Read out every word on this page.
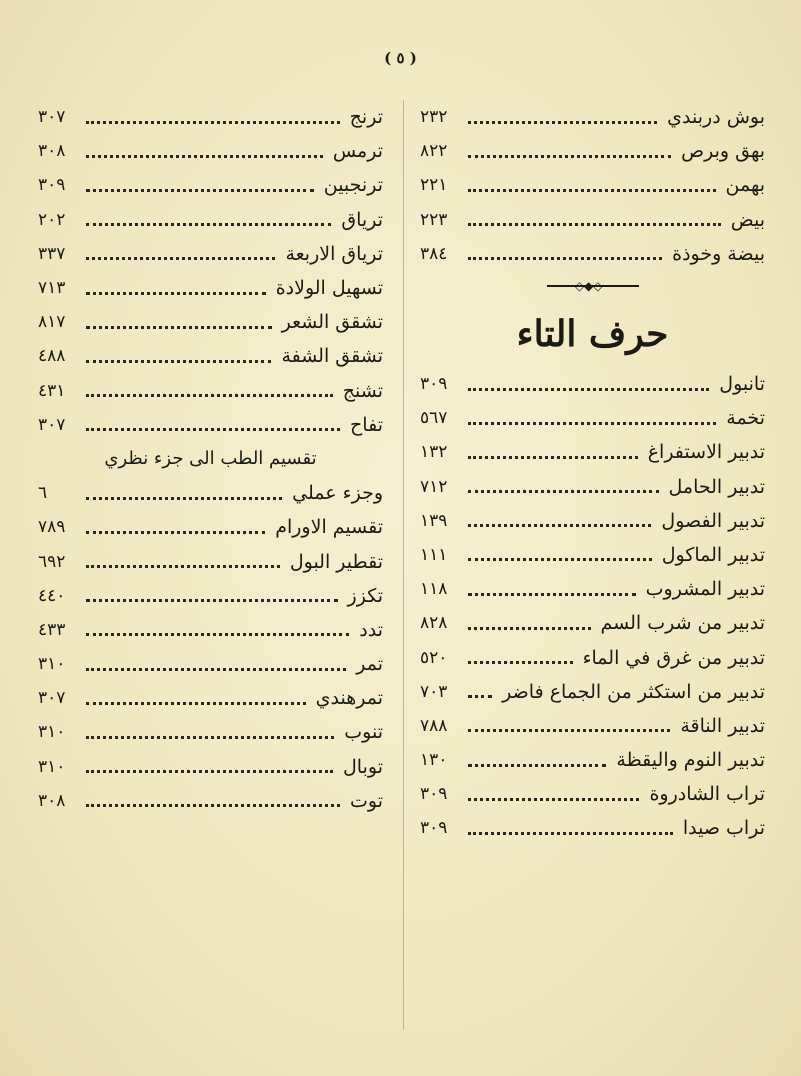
( ٥ )
بوش دربندي
٢٣٢
بهق وبرص
٨٢٢
بهمن
٢٢١
بيض
٢٢٣
بيضة وخوذة
٣٨٤
◇◆◇
حرف التاء
تانبول
٣٠٩
تخمة
٥٦٧
تدبير الاستفراغ
١٣٢
تدبير الحامل
٧١٢
تدبير الفصول
١٣٩
تدبير الماكول
١١١
تدبير المشروب
١١٨
تدبير من شرب السم
٨٢٨
تدبير من غرق في الماء
٥٢٠
تدبير من استكثر من الجماع فاضر
٧٠٣
تدبير الناقة
٧٨٨
تدبير النوم واليقظة
١٣٠
تراب الشادروة
٣٠٩
تراب صيدا
٣٠٩
ترنج
٣٠٧
ترمس
٣٠٨
ترنجبين
٣٠٩
ترياق
٢٠٢
ترياق الاربعة
٣٣٧
تسهيل الولادة
٧١٣
تشقق الشعر
٨١٧
تشقق الشفة
٤٨٨
تشنج
٤٣١
تفاح
٣٠٧
تقسيم الطب الى جزء نظري
وجزء عملي
٦
تقسيم الاورام
٧٨٩
تقطير البول
٦٩٢
تكزز
٤٤٠
تدد
٤٣٣
تمر
٣١٠
تمرهندي
٣٠٧
تنوب
٣١٠
توبال
٣١٠
توت
٣٠٨
